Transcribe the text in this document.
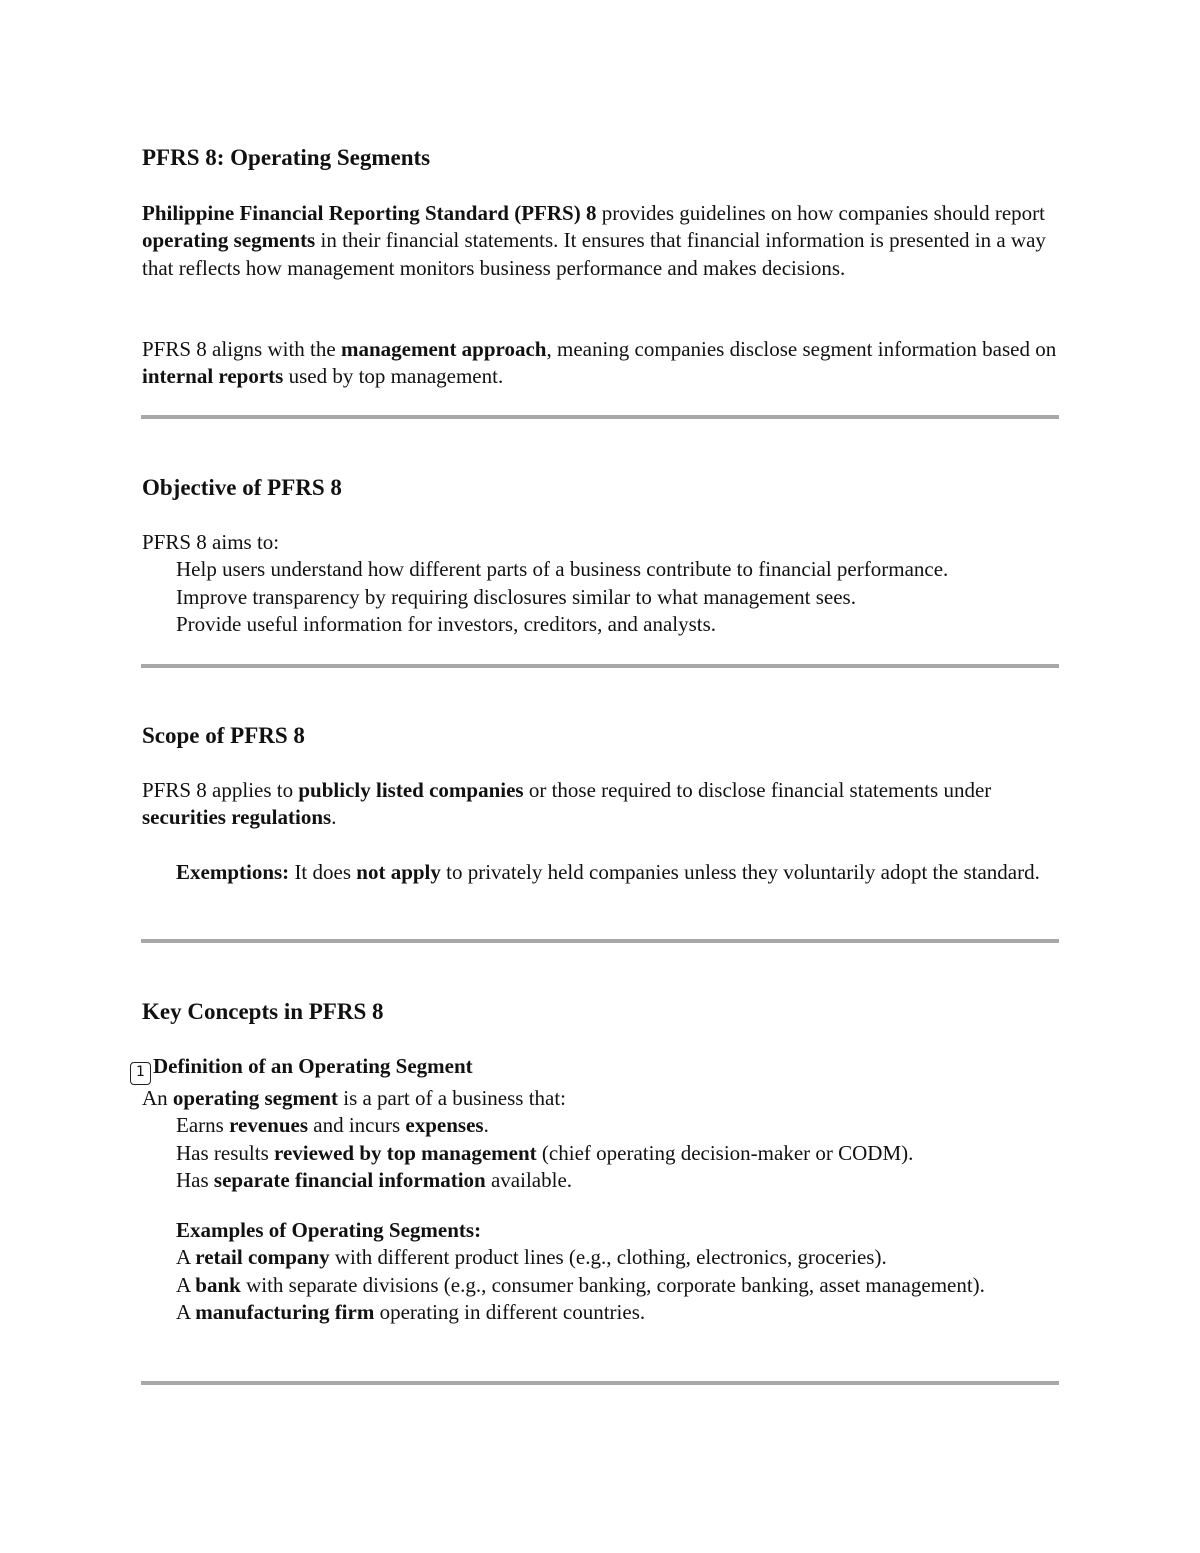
PFRS 8: Operating Segments

Philippine Financial Reporting Standard (PFRS) 8 provides guidelines on how companies should report operating segments in their financial statements. It ensures that financial information is presented in a way that reflects how management monitors business performance and makes decisions.

PFRS 8 aligns with the management approach, meaning companies disclose segment information based on internal reports used by top management.

Objective of PFRS 8
PFRS 8 aims to:
Help users understand how different parts of a business contribute to financial performance.
Improve transparency by requiring disclosures similar to what management sees.
Provide useful information for investors, creditors, and analysts.
Scope of PFRS 8

PFRS 8 applies to publicly listed companies or those required to disclose financial statements under securities regulations.

Exemptions: It does not apply to privately held companies unless they voluntarily adopt the standard.

Key Concepts in PFRS 8
1 Definition of an Operating Segment
An operating segment is a part of a business that:
Earns revenues and incurs expenses.
Has results reviewed by top management (chief operating decision-maker or CODM).
Has separate financial information available.
Examples of Operating Segments:
A retail company with different product lines (e.g., clothing, electronics, groceries).
A bank with separate divisions (e.g., consumer banking, corporate banking, asset management).
A manufacturing firm operating in different countries.
